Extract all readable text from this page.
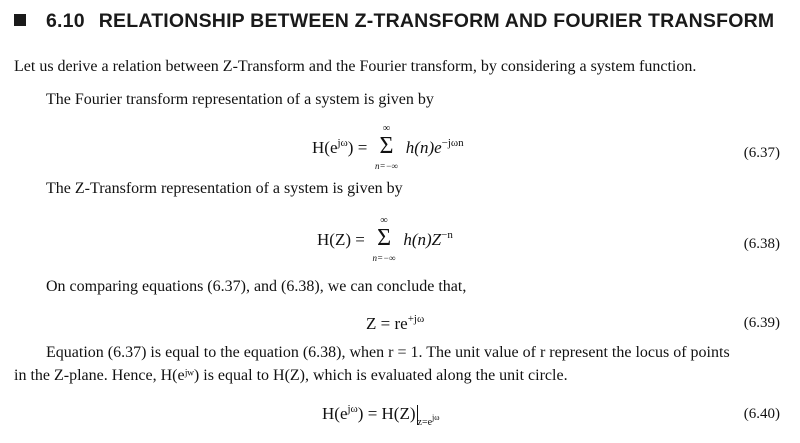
6.10 RELATIONSHIP BETWEEN Z-TRANSFORM AND FOURIER TRANSFORM
Let us derive a relation between Z-Transform and the Fourier transform, by considering a system function.
The Fourier transform representation of a system is given by
$H(e^{j\omega})$ =
∞
Σ
n=−∞
$h(n)e^{-j\omega n}$
(6.37)
The Z-Transform representation of a system is given by
H(Z) =
∞
Σ
n=−∞
$h(n)Z^{-n}$
(6.38)
On comparing equations (6.37), and (6.38), we can conclude that,
$Z = re^{+j\omega}$	(6.39)
Equation (6.37) is equal to the equation (6.38), when r = 1. The unit value of r represent the locus of points
in the Z-plane. Hence, H(eʲʷ) is equal to H(Z), which is evaluated along the unit circle.
$H(e^{j\omega}) = H(Z)$ $_{z=e^{j\omega}}$	(6.40)
